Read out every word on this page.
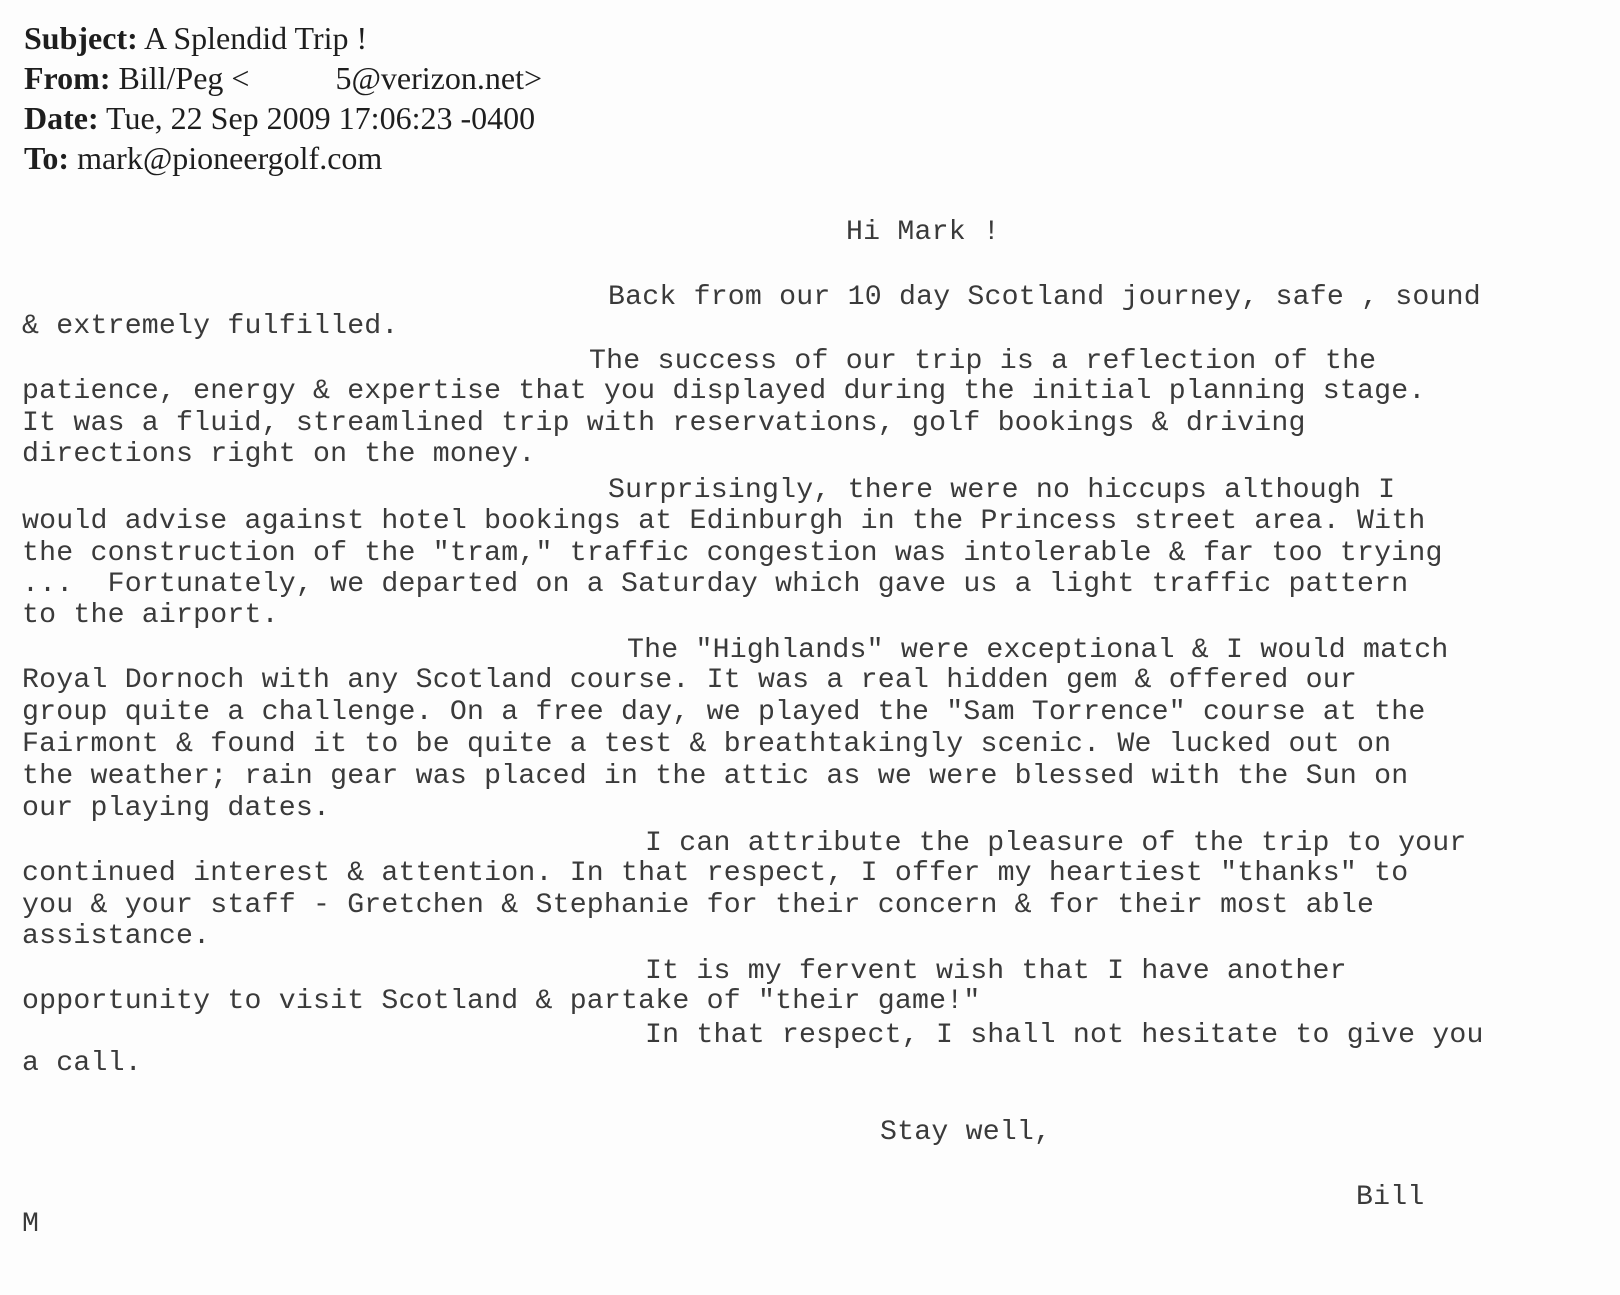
Subject: A Splendid Trip !
From: Bill/Peg <	5@verizon.net>
Date: Tue, 22 Sep 2009 17:06:23 -0400
To: mark@pioneergolf.com
Hi Mark !
Back from our 10 day Scotland journey, safe , sound
& extremely fulfilled.
The success of our trip is a reflection of the
patience, energy & expertise that you displayed during the initial planning stage.
It was a fluid, streamlined trip with reservations, golf bookings & driving
directions right on the money.
Surprisingly, there were no hiccups although I
would advise against hotel bookings at Edinburgh in the Princess street area. With
the construction of the "tram," traffic congestion was intolerable & far too trying
...  Fortunately, we departed on a Saturday which gave us a light traffic pattern
to the airport.
The "Highlands" were exceptional & I would match
Royal Dornoch with any Scotland course. It was a real hidden gem & offered our
group quite a challenge. On a free day, we played the "Sam Torrence" course at the
Fairmont & found it to be quite a test & breathtakingly scenic. We lucked out on
the weather; rain gear was placed in the attic as we were blessed with the Sun on
our playing dates.
I can attribute the pleasure of the trip to your
continued interest & attention. In that respect, I offer my heartiest "thanks" to
you & your staff - Gretchen & Stephanie for their concern & for their most able
assistance.
It is my fervent wish that I have another
opportunity to visit Scotland & partake of "their game!"
In that respect, I shall not hesitate to give you
a call.
Stay well,
Bill
M
